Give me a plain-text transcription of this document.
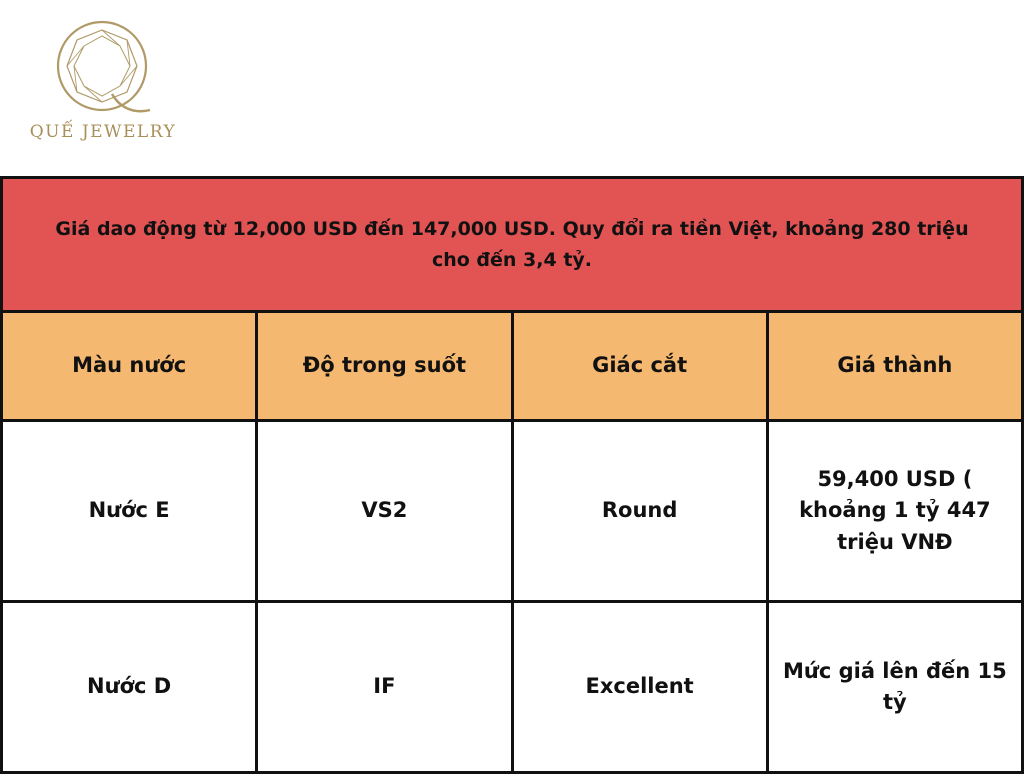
QUẾ JEWELRY
Giá dao động từ 12,000 USD đến 147,000 USD. Quy đổi ra tiền Việt, khoảng 280 triệu cho đến 3,4 tỷ.			
Màu nước	Độ trong suốt	Giác cắt	Giá thành
Nước E	VS2	Round	59,400 USD ( khoảng 1 tỷ 447 triệu VNĐ
Nước D	IF	Excellent	Mức giá lên đến 15 tỷ
